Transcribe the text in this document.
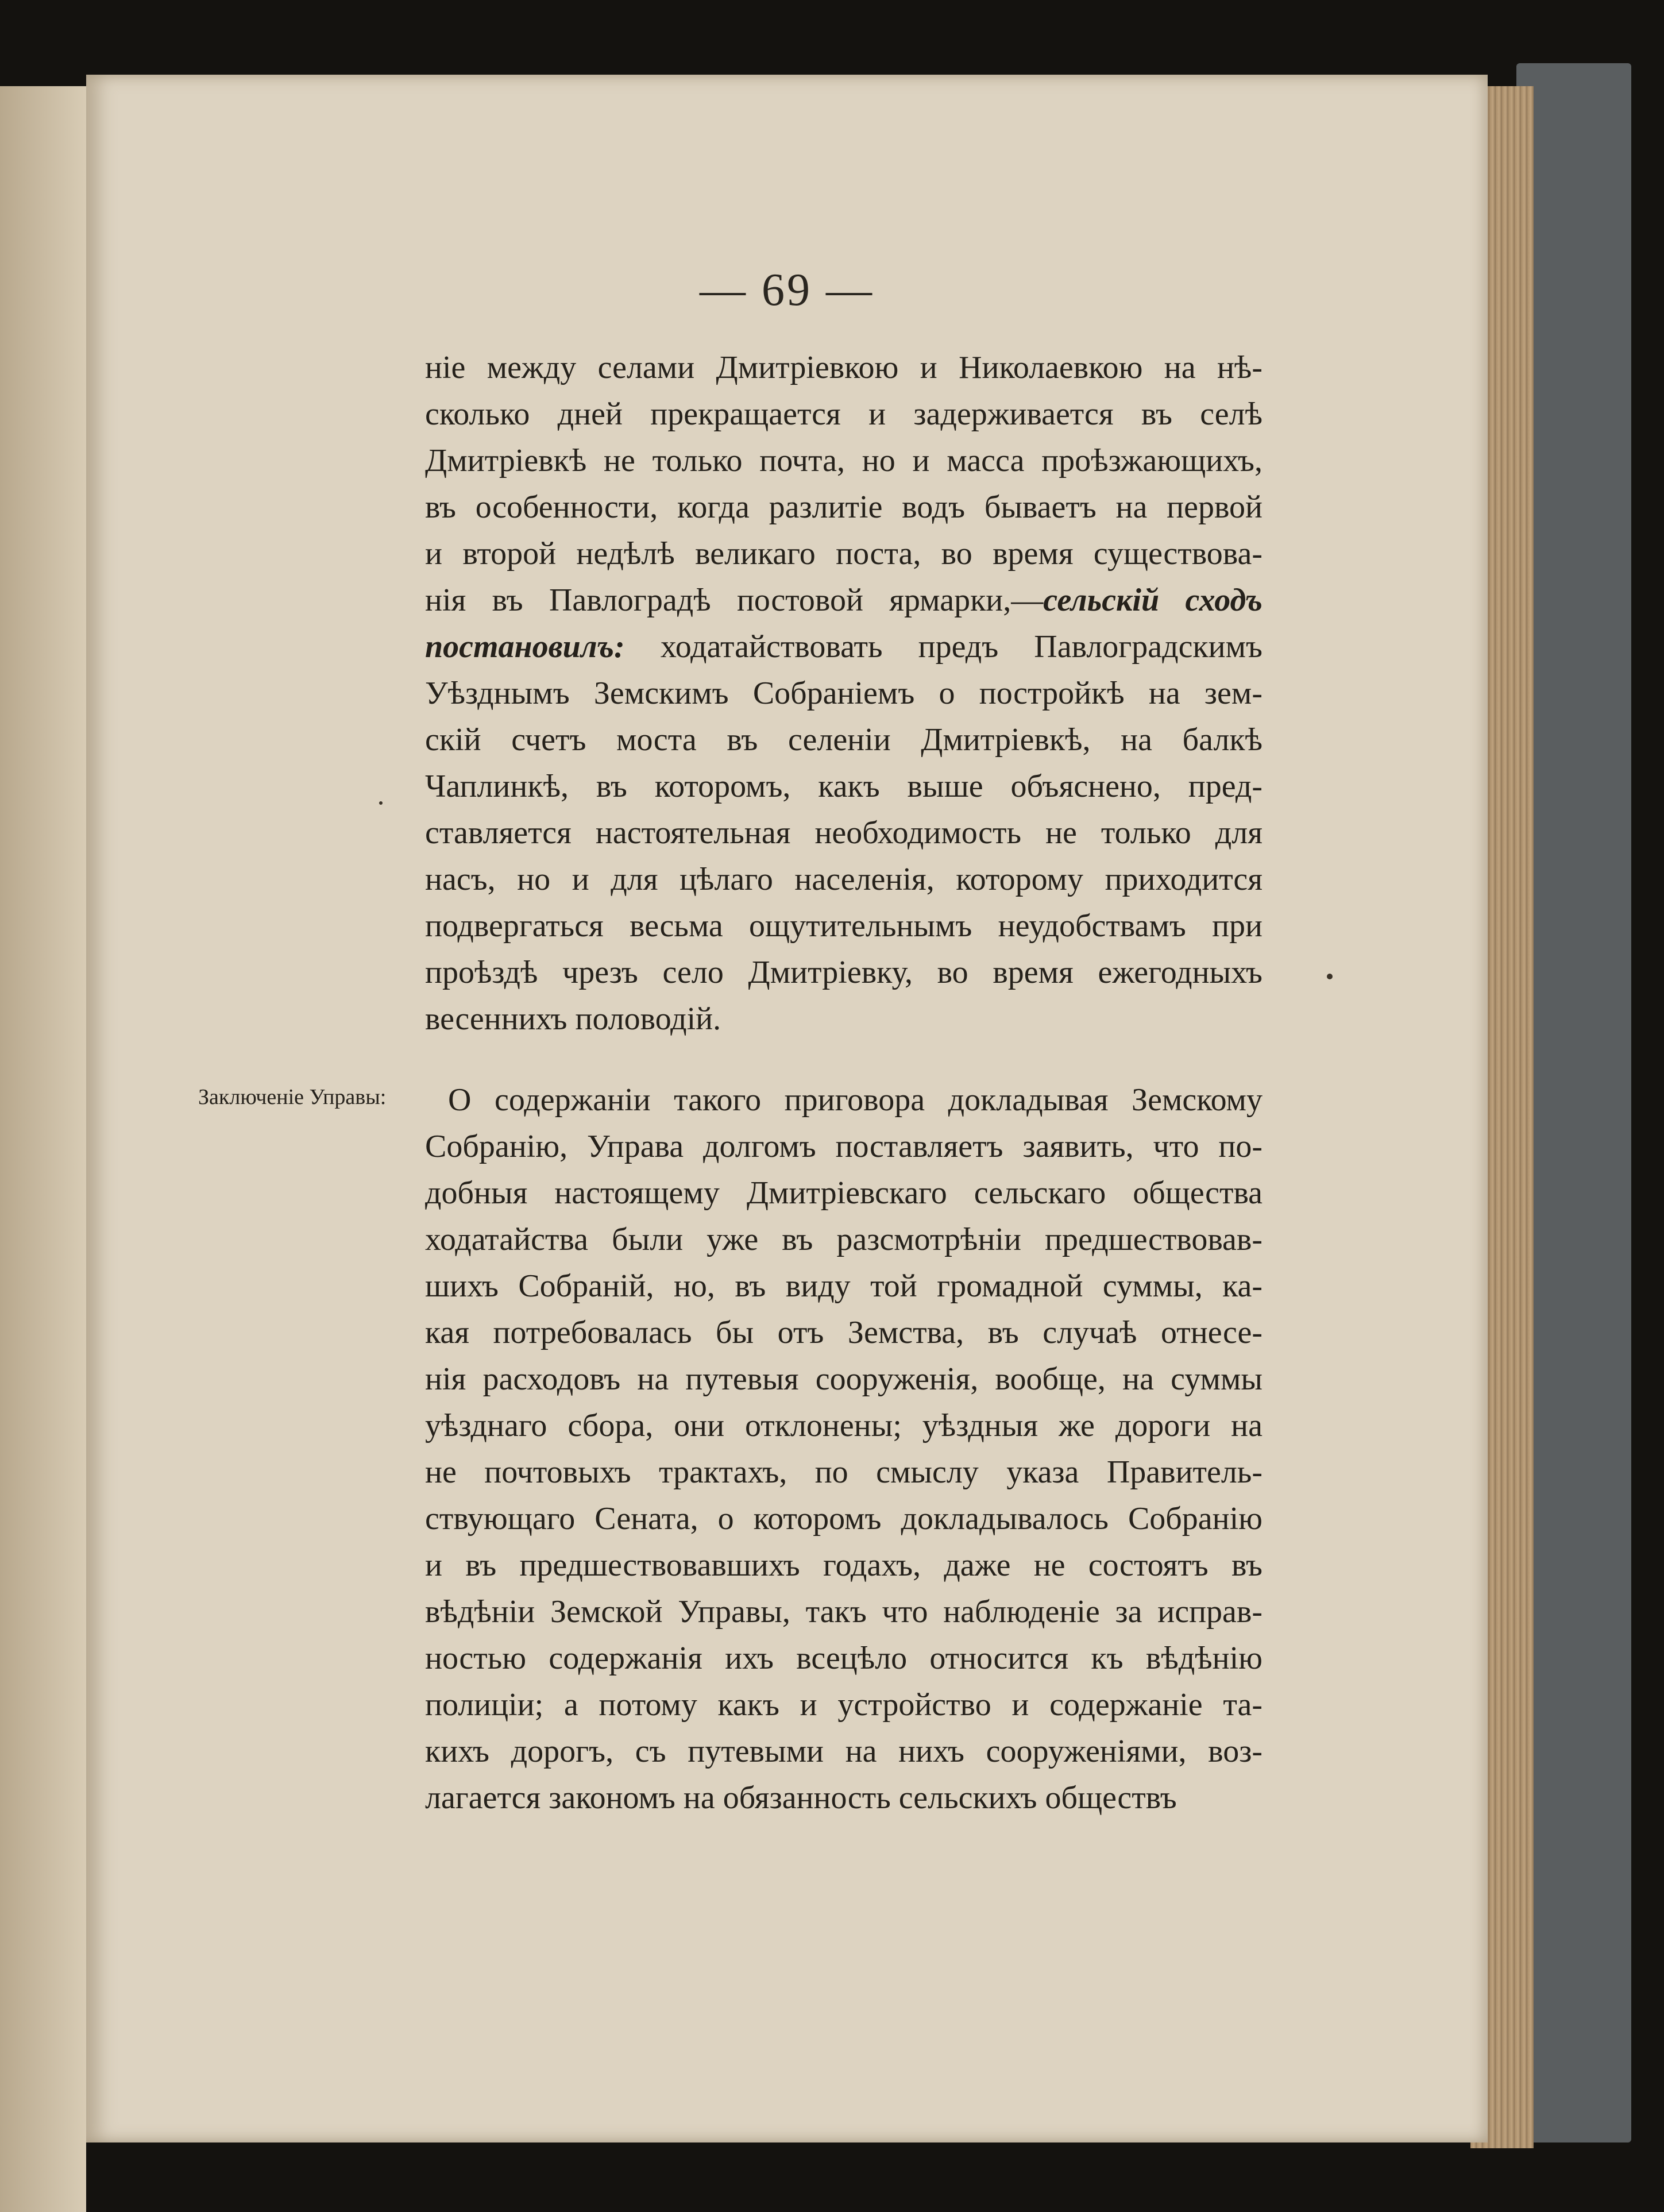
— 69 —
Заключеніе Управы:
ніе между селами Дмитріевкою и Николаевкою на нѣ-
сколько дней прекращается и задерживается въ селѣ
Дмитріевкѣ не только почта, но и масса проѣзжающихъ,
въ особенности, когда разлитіе водъ бываетъ на первой
и второй недѣлѣ великаго поста, во время существова-
нія въ Павлоградѣ постовой ярмарки,—сельскій сходъ
постановилъ: ходатайствовать предъ Павлоградскимъ
Уѣзднымъ Земскимъ Собраніемъ о постройкѣ на зем-
скій счетъ моста въ селеніи Дмитріевкѣ, на балкѣ
Чаплинкѣ, въ которомъ, какъ выше объяснено, пред-
ставляется настоятельная необходимость не только для
насъ, но и для цѣлаго населенія, которому приходится
подвергаться весьма ощутительнымъ неудобствамъ при
проѣздѣ чрезъ село Дмитріевку, во время ежегодныхъ
весеннихъ половодій.
О содержаніи такого приговора докладывая Земскому
Собранію, Управа долгомъ поставляетъ заявить, что по-
добныя настоящему Дмитріевскаго сельскаго общества
ходатайства были уже въ разсмотрѣніи предшествовав-
шихъ Собраній, но, въ виду той громадной суммы, ка-
кая потребовалась бы отъ Земства, въ случаѣ отнесе-
нія расходовъ на путевыя сооруженія, вообще, на суммы
уѣзднаго сбора, они отклонены; уѣздныя же дороги на
не почтовыхъ трактахъ, по смыслу указа Правитель-
ствующаго Сената, о которомъ докладывалось Собранію
и въ предшествовавшихъ годахъ, даже не состоятъ въ
вѣдѣніи Земской Управы, такъ что наблюденіе за исправ-
ностью содержанія ихъ всецѣло относится къ вѣдѣнію
полиціи; а потому какъ и устройство и содержаніе та-
кихъ дорогъ, съ путевыми на нихъ сооруженіями, воз-
лагается закономъ на обязанность сельскихъ обществъ
